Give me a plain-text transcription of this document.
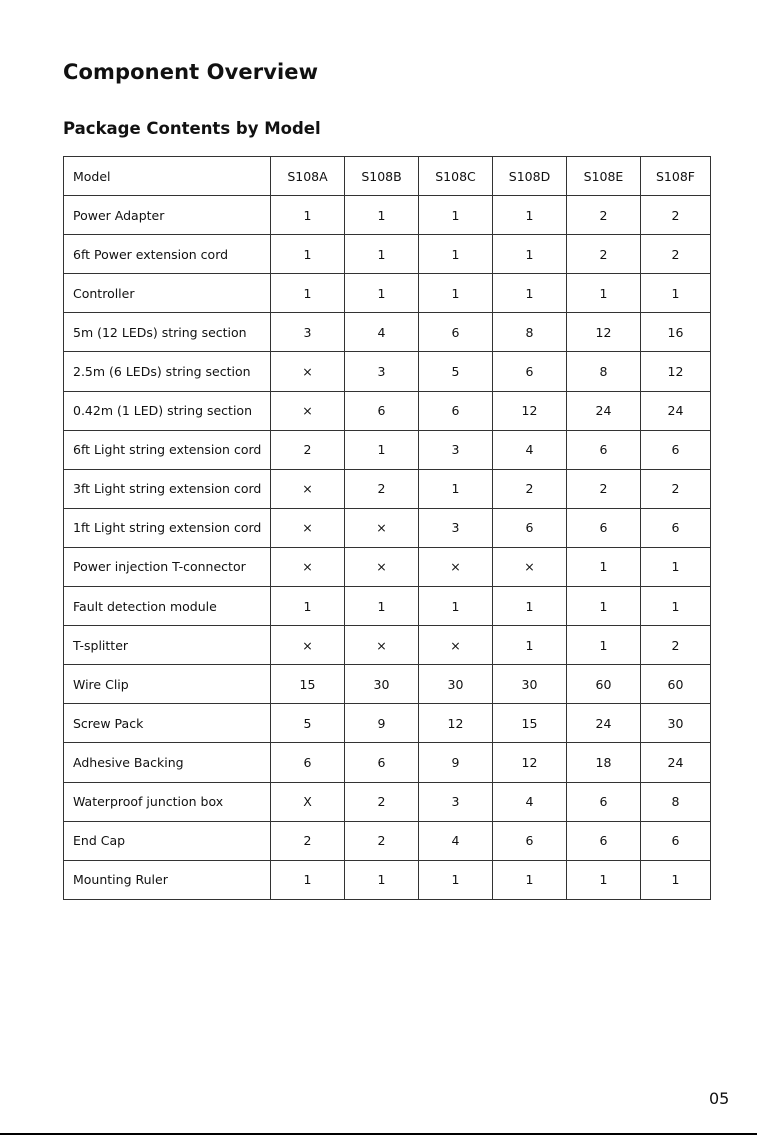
Component Overview
Package Contents by Model
Model	S108A	S108B	S108C	S108D	S108E	S108F
Power Adapter	1	1	1	1	2	2
6ft Power extension cord	1	1	1	1	2	2
Controller	1	1	1	1	1	1
5m (12 LEDs) string section	3	4	6	8	12	16
2.5m (6 LEDs) string section	×	3	5	6	8	12
0.42m (1 LED) string section	×	6	6	12	24	24
6ft Light string extension cord	2	1	3	4	6	6
3ft Light string extension cord	×	2	1	2	2	2
1ft Light string extension cord	×	×	3	6	6	6
Power injection T-connector	×	×	×	×	1	1
Fault detection module	1	1	1	1	1	1
T-splitter	×	×	×	1	1	2
Wire Clip	15	30	30	30	60	60
Screw Pack	5	9	12	15	24	30
Adhesive Backing	6	6	9	12	18	24
Waterproof junction box	X	2	3	4	6	8
End Cap	2	2	4	6	6	6
Mounting Ruler	1	1	1	1	1	1
05
